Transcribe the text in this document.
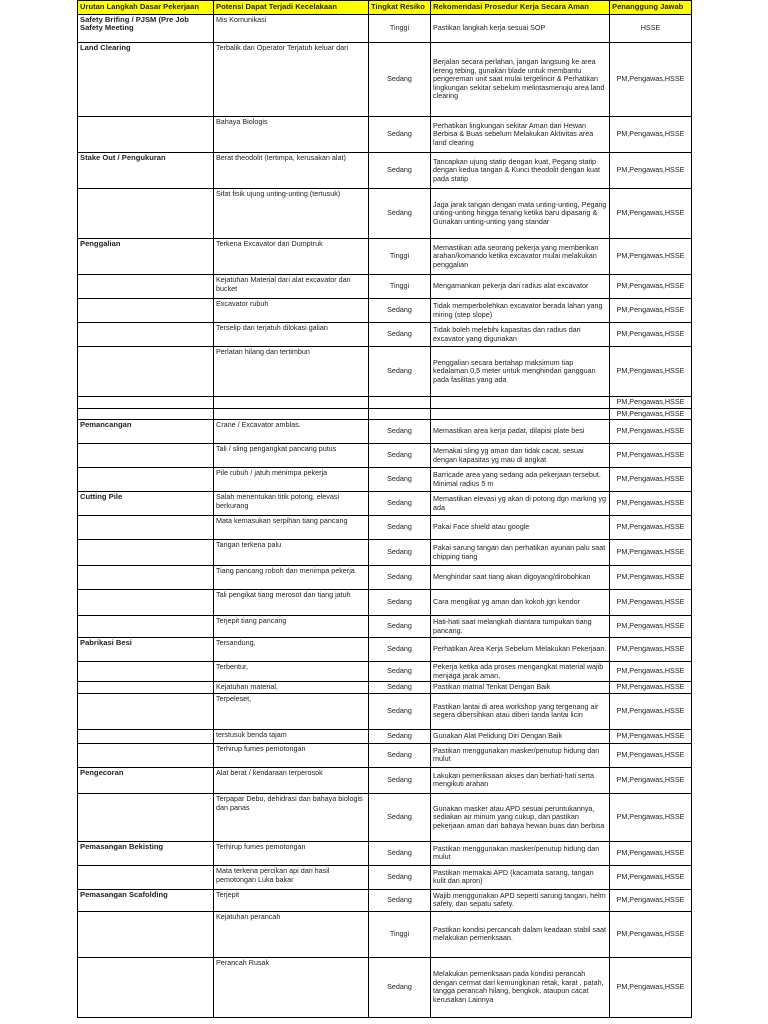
Urutan Langkah Dasar Pekerjaan	Potensi Dapat Terjadi Kecelakaan	Tingkat Resiko	Rekomendasi Prosedur Kerja Secara Aman	Penanggung Jawab
Safety Brifing / PJSM (Pre Job Safety Meeting	Mis Komunikasi	Tinggi	Pastikan langkah kerja sesuai SOP	HSSE
Land Clearing	Terbalik dan Operator Terjatuh keluar dari	Sedang	Berjalan secara perlahan, jangan langsung ke area lereng tebing, gunakan blade untuk membantu pengereman unit saat mulai tergelincir & Perhatikan lingkungan sekitar sebelum melintasmenuju area land clearing	PM,Pengawas,HSSE
	Bahaya Biologis	Sedang	Perhatikan lingkungan sekitar Aman dari Hewan Berbisa & Buas sebelum Melakukan Aktivitas area land clearing	PM,Pengawas,HSSE
Stake Out / Pengukuran	Berat theodolit (tertimpa, kerusakan alat)	Sedang	Tancapkan ujung statip dengan kuat, Pegang statip dengan kedua tangan & Kunci theodolit dengan kuat pada statip	PM,Pengawas,HSSE
	Sifat fisik ujung unting-unting (tertusuk)	Sedang	Jaga jarak tangan dengan mata unting-unting, Pegang unting-unting hingga tenang ketika baru dipasang & Gunakan unting-unting yang standar	PM,Pengawas,HSSE
Penggalian	Terkena Excavator dan Dumptruk	Tinggi	Memastikan ada seorang pekerja yang memberikan arahan/komando ketika excavator mulai melakukan penggalian	PM,Pengawas,HSSE
	Kejatuhan Material dari alat excavator dan bucket	Tinggi	Mengamankan pekerja dari radius alat excavator	PM,Pengawas,HSSE
	Excavator rubuh	Sedang	Tidak memperbolehkan excavator berada lahan yang miring (step slope)	PM,Pengawas,HSSE
	Terselip dan terjatuh dilokasi galian	Sedang	Tidak boleh melebihi kapasitas dan radius dari excavator yang digunakan	PM,Pengawas,HSSE
	Perlatan hilang dan tertimbun	Sedang	Penggalian secara bertahap maksimum tiap kedalaman 0,5 meter untuk menghindari gangguan pada fasilitas yang ada	PM,Pengawas,HSSE
				PM,Pengawas,HSSE
				PM,Pengawas,HSSE
Pemancangan	Crane / Excavator amblas.	Sedang	Memastikan area kerja padat, dilapisi plate besi	PM,Pengawas,HSSE
	Tali / sling pengangkat pancang putus	Sedang	Memakai sling yg aman dan tidak cacat, sesuai dengan kapasitas yg mau di angkat	PM,Pengawas,HSSE
	Pile rubuh / jatuh menimpa pekerja	Sedang	Barricade area yang sedang ada pekerjaan tersebut. Minimal radius 5 m	PM,Pengawas,HSSE
Cutting Pile	Salah menentukan titik potong, elevasi berkurang	Sedang	Memastikan elevasi yg akan di potong dgn marking yg ada	PM,Pengawas,HSSE
	Mata kemasukan serpihan tiang pancang	Sedang	Pakai Face shield atau google	PM,Pengawas,HSSE
	Tangan terkena palu	Sedang	Pakai sarung tangan dan perhatikan ayunan palu saat chipping tiang	PM,Pengawas,HSSE
	Tiang pancang roboh dan menimpa pekerja	Sedang	Menghindar saat tiang akan digoyang/dirobohkan	PM,Pengawas,HSSE
	Tali pengikat tiang merosot dan tiang jatuh	Sedang	Cara mengikat yg aman dan kokoh jgn kendor	PM,Pengawas,HSSE
	Terjepit tiang pancang	Sedang	Hati-hati saat melangkah diantara tumpukan tiang pancang.	PM,Pengawas,HSSE
Pabrikasi Besi	Tersandung,	Sedang	Perhatikan Area Kerja Sebelum Melakukan Pekerjaan.	PM,Pengawas,HSSE
	Terbentur,	Sedang	Pekerja ketika ada proses mengangkat material wajib menjaga jarak aman,	PM,Pengawas,HSSE
	Kejatuhan material,	Sedang	Pastikan matrial Terikat Dengan Baik	PM,Pengawas,HSSE
	Terpeleset,	Sedang	Pastikan lantai di area workshop yang tergenang air segera dibersihkan atau diberi tanda lantai licin	PM,Pengawas,HSSE
	terstusuk benda tajam	Sedang	Gunakan Alat Pelidung Diri Dengan Baik	PM,Pengawas,HSSE
	Terhirup fumes pemotongan	Sedang	Pastikan menggunakan masker/penutup hidung dan mulut	PM,Pengawas,HSSE
Pengecoran	Alat berat / kendaraan terperosok	Sedang	Lakukan pemeriksaan akses dan berhati-hati serta mengikuti arahan	PM,Pengawas,HSSE
	Terpapar Debu, dehidrasi dan bahaya biologis dan panas	Sedang	Gunakan masker atau APD sesuai peruntukannya, sediakan air minum yang cukup, dan pastikan pekerjaan aman dari bahaya hewan buas dan berbisa	PM,Pengawas,HSSE
Pemasangan Bekisting	Terhirup fumes pemotongan	Sedang	Pastikan menggunakan masker/penutup hidung dan mulut	PM,Pengawas,HSSE
	Mata terkena percikan api dari hasil pemotongan Luka bakar	Sedang	Pastikan memakai APD (kacamata sarang, tangan kulit dan apron)	PM,Pengawas,HSSE
Pemasangan Scafolding	Terjepit	Sedang	Wajib menggunakan APD seperti sarung tangan, helm safety, dan sepatu safety.	PM,Pengawas,HSSE
	Kejatuhan perancah	Tinggi	Pastikan kondisi percancah dalam keadaan stabil saat melakukan pemeriksaan.	PM,Pengawas,HSSE
	Perancah Rusak	Sedang	Melakukan pemeriksaan pada kondisi perancah dengan cermat dari kemungkinan retak, karat , patah, tangga perancah hilang, bengkok, ataupun cacat kerusakan Lainnya	PM,Pengawas,HSSE
